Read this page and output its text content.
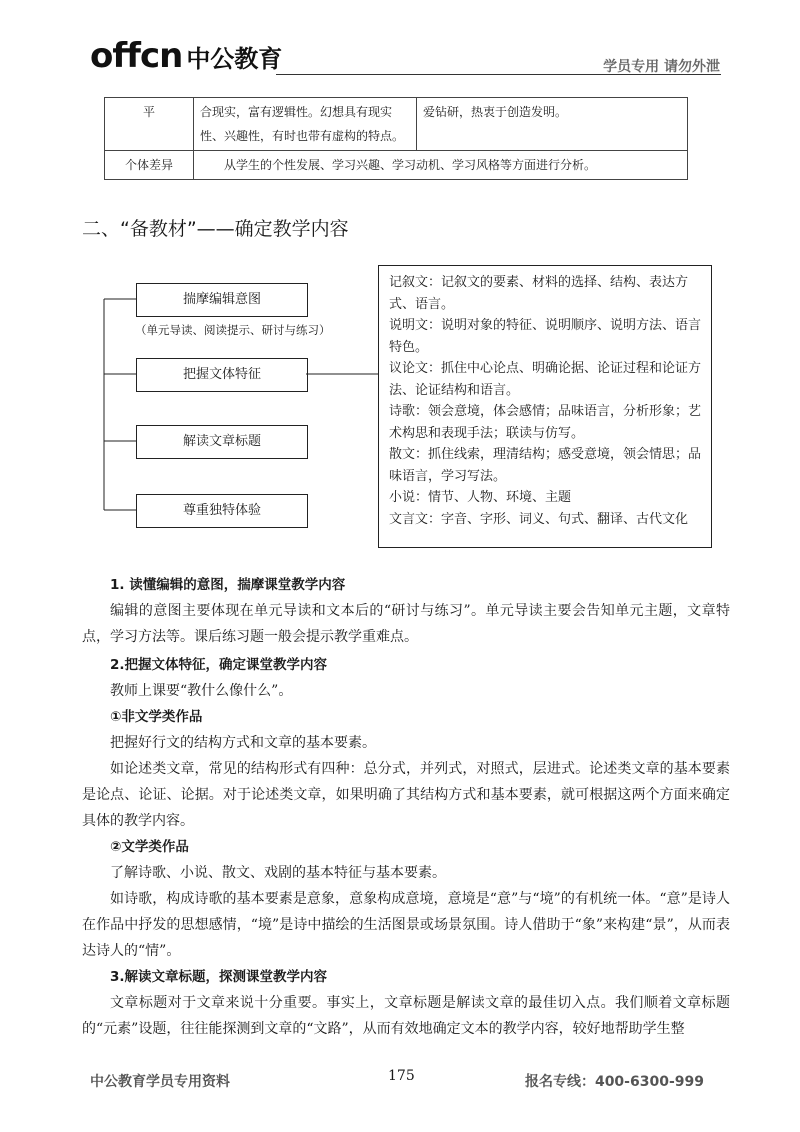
offcn 中公教育	学员专用 请勿外泄
平	合现实，富有逻辑性。幻想具有现实性、兴趣性，有时也带有虚构的特点。	爱钻研，热衷于创造发明。
个体差异	从学生的个性发展、学习兴趣、学习动机、学习风格等方面进行分析。	
二、“备教材”——确定教学内容
揣摩编辑意图
（单元导读、阅读提示、研讨与练习）
把握文体特征
解读文章标题
尊重独特体验
记叙文：记叙文的要素、材料的选择、结构、表达方式、语言。
说明文：说明对象的特征、说明顺序、说明方法、语言特色。
议论文：抓住中心论点、明确论据、论证过程和论证方法、论证结构和语言。
诗歌：领会意境，体会感情；品味语言，分析形象；艺术构思和表现手法；联读与仿写。
散文：抓住线索，理清结构；感受意境，领会情思；品味语言，学习写法。
小说：情节、人物、环境、主题
文言文：字音、字形、词义、句式、翻译、古代文化
1. 读懂编辑的意图，揣摩课堂教学内容
编辑的意图主要体现在单元导读和文本后的“研讨与练习”。单元导读主要会告知单元主题，文章特点，学习方法等。课后练习题一般会提示教学重难点。
2.把握文体特征，确定课堂教学内容
教师上课要“教什么像什么”。
①非文学类作品
把握好行文的结构方式和文章的基本要素。
如论述类文章，常见的结构形式有四种：总分式，并列式，对照式，层进式。论述类文章的基本要素是论点、论证、论据。对于论述类文章，如果明确了其结构方式和基本要素，就可根据这两个方面来确定具体的教学内容。
②文学类作品
了解诗歌、小说、散文、戏剧的基本特征与基本要素。
如诗歌，构成诗歌的基本要素是意象，意象构成意境，意境是“意”与“境”的有机统一体。“意”是诗人在作品中抒发的思想感情，“境”是诗中描绘的生活图景或场景氛围。诗人借助于“象”来构建“景”，从而表达诗人的“情”。
3.解读文章标题，探测课堂教学内容
文章标题对于文章来说十分重要。事实上，文章标题是解读文章的最佳切入点。我们顺着文章标题的“元素”设题，往往能探测到文章的“文路”，从而有效地确定文本的教学内容，较好地帮助学生整
中公教育学员专用资料	175	报名专线：400-6300-999
